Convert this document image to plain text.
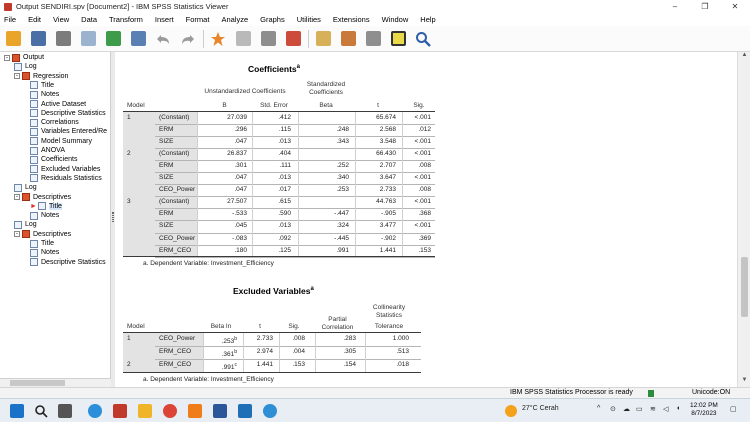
Output SENDIRI.spv [Document2] - IBM SPSS Statistics Viewer	–	❐	✕
File Edit View Data Transform Insert Format Analyze Graphs Utilities Extensions Window Help
- Output
Log
- Regression
Title
Notes
Active Dataset
Descriptive Statistics
Correlations
Variables Entered/Re
Model Summary
ANOVA
Coefficients
Excluded Variables
Residuals Statistics
Log
- Descriptives
► Title
Notes
Log
- Descriptives
Title
Notes
Descriptive Statistics
Coefficients$^a$
Unstandardized Coefficients
Standardized Coefficients
Model	B	Std. Error	Beta	t	Sig.
1	(Constant)	27.039	.412	65.674	<.001
ERM	.296	.115	.248	2.568	.012
SIZE	.047	.013	.343	3.548	<.001
2	(Constant)	26.837	.404	66.430	<.001
ERM	.301	.111	.252	2.707	.008
SIZE	.047	.013	.340	3.647	<.001
CEO_Power	.047	.017	.253	2.733	.008
3	(Constant)	27.507	.615	44.763	<.001
ERM	-.533	.590	-.447	-.905	.368
SIZE	.045	.013	.324	3.477	<.001
CEO_Power	-.083	.092	-.445	-.902	.369
ERM_CEO	.180	.125	.991	1.441	.153
a. Dependent Variable: Investment_Efficiency
Excluded Variables$^a$
Collinearity Statistics
Partial Correlation
Model	Beta In	t	Sig.	Tolerance
1	CEO_Power	.253$^b$	2.733	.008	.283	1.000
ERM_CEO	.361$^b$	2.974	.004	.305	.513
2	ERM_CEO	.991$^c$	1.441	.153	.154	.018
a. Dependent Variable: Investment_Efficiency
▲
▼
IBM SPSS Statistics Processor is ready	Unicode:ON
27°C Cerah	^ ⊙ ☁ ▭ ≋ ◁ ◖ 12:02 PM
8/7/2023
▢
